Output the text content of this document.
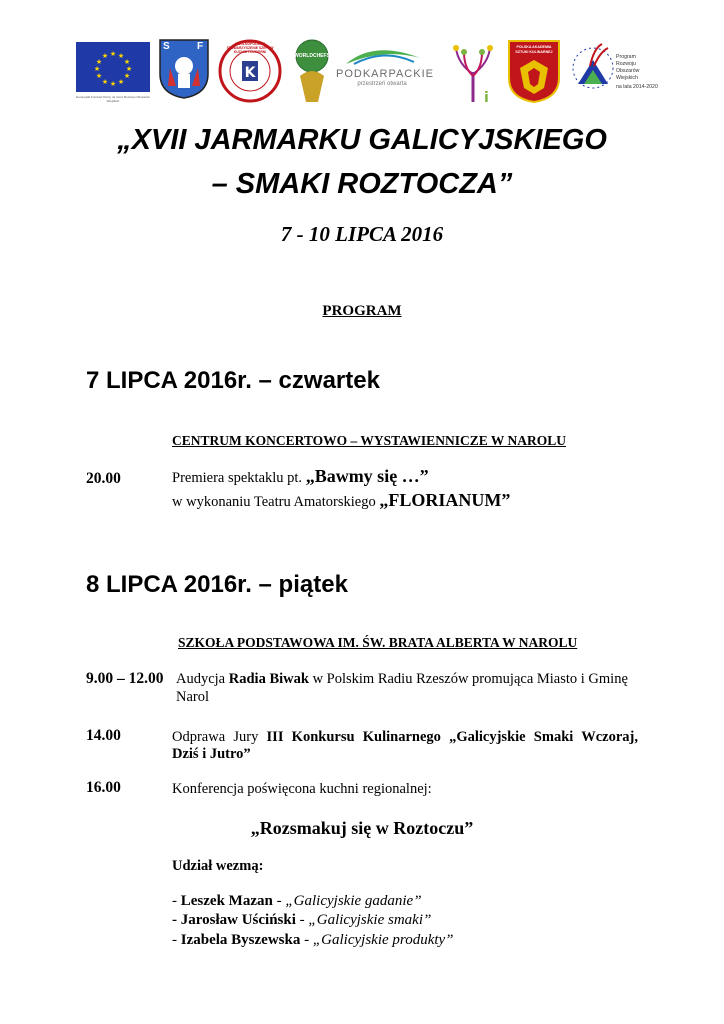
★ ★
★
★
★
★
★
★
★
★
★
★
Europejski Fundusz Rolny na rzecz Rozwoju Obszarów Wiejskich
S	F
K
OGÓLNOPOLSKIE STOWARZYSZENIE SZEFÓW KUCHNI I CUKIERNI
WORLDCHEFS
PODKARPACKIE
przestrzeń otwarta
i
POLSKA AKADEMIA SZTUKI KULINARNEJ
Program
Rozwoju
Obszarów
Wiejskich
na lata 2014-2020
„XVII JARMARKU GALICYJSKIEGO
– SMAKI ROZTOCZA”
7 - 10 LIPCA 2016
PROGRAM
7 LIPCA 2016r. – czwartek
CENTRUM KONCERTOWO – WYSTAWIENNICZE W NAROLU
20.00	Premiera spektaklu pt. „Bawmy się …”
w wykonaniu Teatru Amatorskiego „FLORIANUM”
8 LIPCA 2016r. – piątek
SZKOŁA PODSTAWOWA IM. ŚW. BRATA ALBERTA W NAROLU
9.00 – 12.00 Audycja Radia Biwak w Polskim Radiu Rzeszów promująca Miasto i Gminę
Narol
14.00	Odprawa Jury III Konkursu Kulinarnego „Galicyjskie Smaki Wczoraj,
Dziś i Jutro”
16.00	Konferencja poświęcona kuchni regionalnej:
„Rozsmakuj się w Roztoczu”
Udział wezmą:
- Leszek Mazan - „Galicyjskie gadanie”
- Jarosław Uściński - „Galicyjskie smaki”
- Izabela Byszewska - „Galicyjskie produkty”
